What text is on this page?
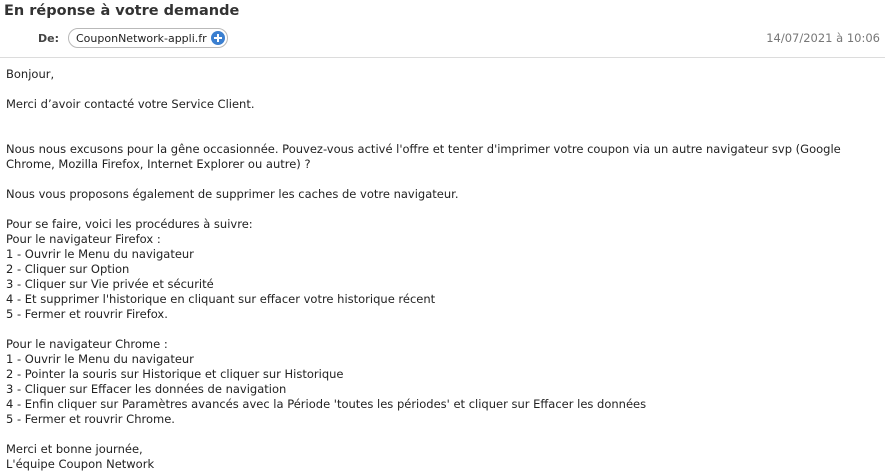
En réponse à votre demande
De: CouponNetwork-appli.fr	14/07/2021 à 10:06
Bonjour,
Merci d’avoir contacté votre Service Client.
Nous nous excusons pour la gêne occasionnée. Pouvez-vous activé l'offre et tenter d'imprimer votre coupon via un autre navigateur svp (Google Chrome, Mozilla Firefox, Internet Explorer ou autre) ?
Nous vous proposons également de supprimer les caches de votre navigateur.
Pour se faire, voici les procédures à suivre:
Pour le navigateur Firefox :
1 - Ouvrir le Menu du navigateur
2 - Cliquer sur Option
3 - Cliquer sur Vie privée et sécurité
4 - Et supprimer l'historique en cliquant sur effacer votre historique récent
5 - Fermer et rouvrir Firefox.
Pour le navigateur Chrome :
1 - Ouvrir le Menu du navigateur
2 - Pointer la souris sur Historique et cliquer sur Historique
3 - Cliquer sur Effacer les données de navigation
4 - Enfin cliquer sur Paramètres avancés avec la Période 'toutes les périodes' et cliquer sur Effacer les données
5 - Fermer et rouvrir Chrome.
Merci et bonne journée,
L'équipe Coupon Network
